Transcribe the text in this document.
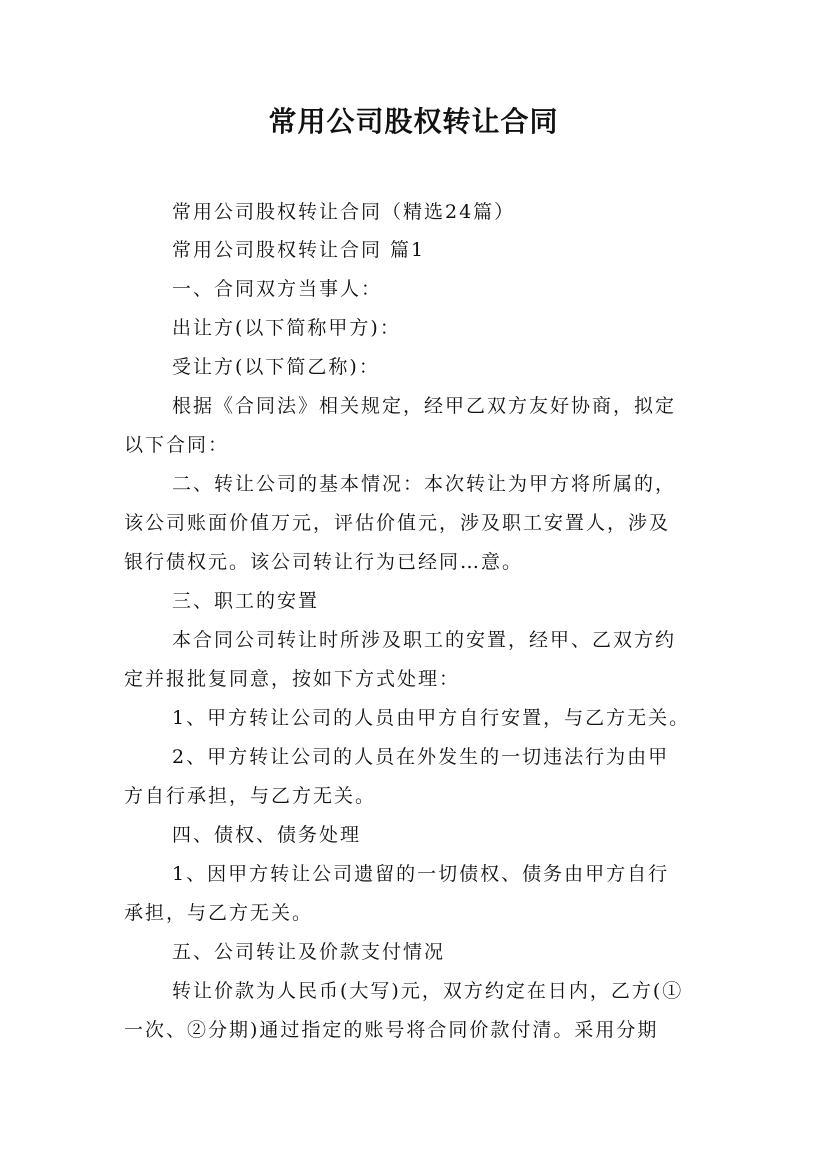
常用公司股权转让合同
常用公司股权转让合同（精选24篇）
常用公司股权转让合同 篇1
一、合同双方当事人：
出让方(以下简称甲方)：
受让方(以下简乙称)：
根据《合同法》相关规定，经甲乙双方友好协商，拟定
以下合同：
二、转让公司的基本情况：本次转让为甲方将所属的，
该公司账面价值万元，评估价值元，涉及职工安置人，涉及
银行债权元。该公司转让行为已经同…意。
三、职工的安置
本合同公司转让时所涉及职工的安置，经甲、乙双方约
定并报批复同意，按如下方式处理：
1、甲方转让公司的人员由甲方自行安置，与乙方无关。
2、甲方转让公司的人员在外发生的一切违法行为由甲
方自行承担，与乙方无关。
四、债权、债务处理
1、因甲方转让公司遗留的一切债权、债务由甲方自行
承担，与乙方无关。
五、公司转让及价款支付情况
转让价款为人民币(大写)元，双方约定在日内，乙方(①
一次、②分期)通过指定的账号将合同价款付清。采用分期
